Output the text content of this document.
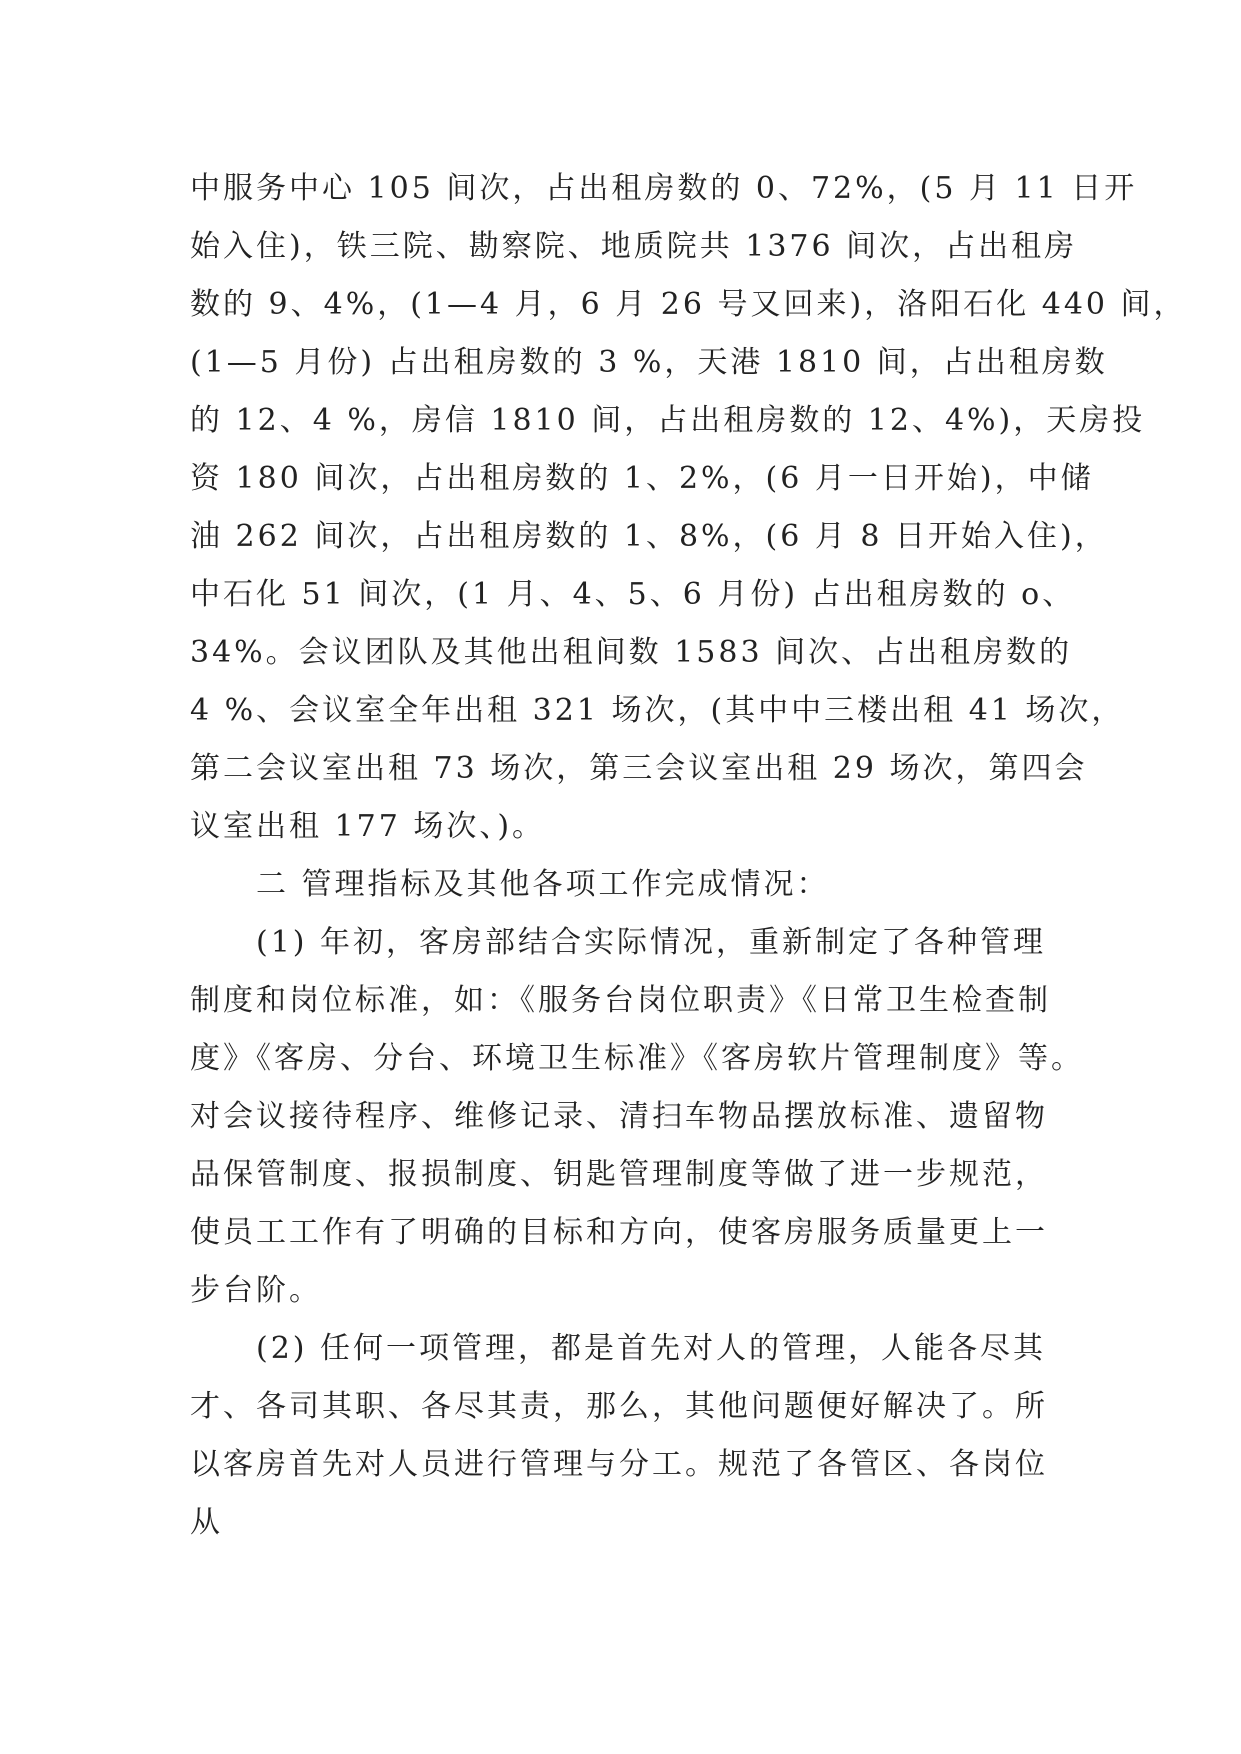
中服务中心 105 间次，占出租房数的 0、72%，(5 月 11 日开
始入住)，铁三院、勘察院、地质院共 1376 间次，占出租房
数的 9、4%，(1—4 月，6 月 26 号又回来)，洛阳石化 440 间，
(1—5 月份) 占出租房数的 3 %，天港 1810 间，占出租房数
的 12、4 %，房信 1810 间，占出租房数的 12、4%)，天房投
资 180 间次，占出租房数的 1、2%，(6 月一日开始)，中储
油 262 间次，占出租房数的 1、8%，(6 月 8 日开始入住)，
中石化 51 间次，(1 月、4、5、6 月份) 占出租房数的 o、
34%。会议团队及其他出租间数 1583 间次、占出租房数的
4 %、会议室全年出租 321 场次，(其中中三楼出租 41 场次，
第二会议室出租 73 场次，第三会议室出租 29 场次，第四会
议室出租 177 场次、)。
二 管理指标及其他各项工作完成情况：
(1) 年初，客房部结合实际情况，重新制定了各种管理
制度和岗位标准，如：《服务台岗位职责》《日常卫生检查制
度》《客房、分台、环境卫生标准》《客房软片管理制度》等。
对会议接待程序、维修记录、清扫车物品摆放标准、遗留物
品保管制度、报损制度、钥匙管理制度等做了进一步规范，
使员工工作有了明确的目标和方向，使客房服务质量更上一
步台阶。
(2) 任何一项管理，都是首先对人的管理，人能各尽其
才、各司其职、各尽其责，那么，其他问题便好解决了。所
以客房首先对人员进行管理与分工。规范了各管区、各岗位
从
